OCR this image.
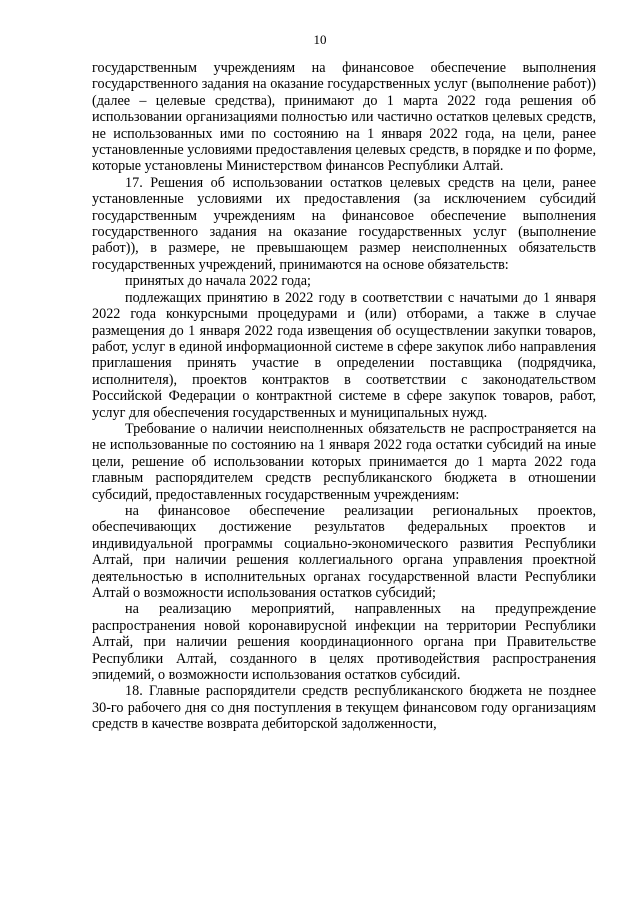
10

государственным учреждениям на финансовое обеспечение выполнения государственного задания на оказание государственных услуг (выполнение работ)) (далее – целевые средства), принимают до 1 марта 2022 года решения об использовании организациями полностью или частично остатков целевых средств, не использованных ими по состоянию на 1 января 2022 года, на цели, ранее установленные условиями предоставления целевых средств, в порядке и по форме, которые установлены Министерством финансов Республики Алтай.

17. Решения об использовании остатков целевых средств на цели, ранее установленные условиями их предоставления (за исключением субсидий государственным учреждениям на финансовое обеспечение выполнения государственного задания на оказание государственных услуг (выполнение работ)), в размере, не превышающем размер неисполненных обязательств государственных учреждений, принимаются на основе обязательств:

принятых до начала 2022 года;

подлежащих принятию в 2022 году в соответствии с начатыми до 1 января 2022 года конкурсными процедурами и (или) отборами, а также в случае размещения до 1 января 2022 года извещения об осуществлении закупки товаров, работ, услуг в единой информационной системе в сфере закупок либо направления приглашения принять участие в определении поставщика (подрядчика, исполнителя), проектов контрактов в соответствии с законодательством Российской Федерации о контрактной системе в сфере закупок товаров, работ, услуг для обеспечения государственных и муниципальных нужд.

Требование о наличии неисполненных обязательств не распространяется на не использованные по состоянию на 1 января 2022 года остатки субсидий на иные цели, решение об использовании которых принимается до 1 марта 2022 года главным распорядителем средств республиканского бюджета в отношении субсидий, предоставленных государственным учреждениям:

на финансовое обеспечение реализации региональных проектов, обеспечивающих достижение результатов федеральных проектов и индивидуальной программы социально-экономического развития Республики Алтай, при наличии решения коллегиального органа управления проектной деятельностью в исполнительных органах государственной власти Республики Алтай о возможности использования остатков субсидий;

на реализацию мероприятий, направленных на предупреждение распространения новой коронавирусной инфекции на территории Республики Алтай, при наличии решения координационного органа при Правительстве Республики Алтай, созданного в целях противодействия распространения эпидемий, о возможности использования остатков субсидий.

18. Главные распорядители средств республиканского бюджета не позднее 30-го рабочего дня со дня поступления в текущем финансовом году организациям средств в качестве возврата дебиторской задолженности,
